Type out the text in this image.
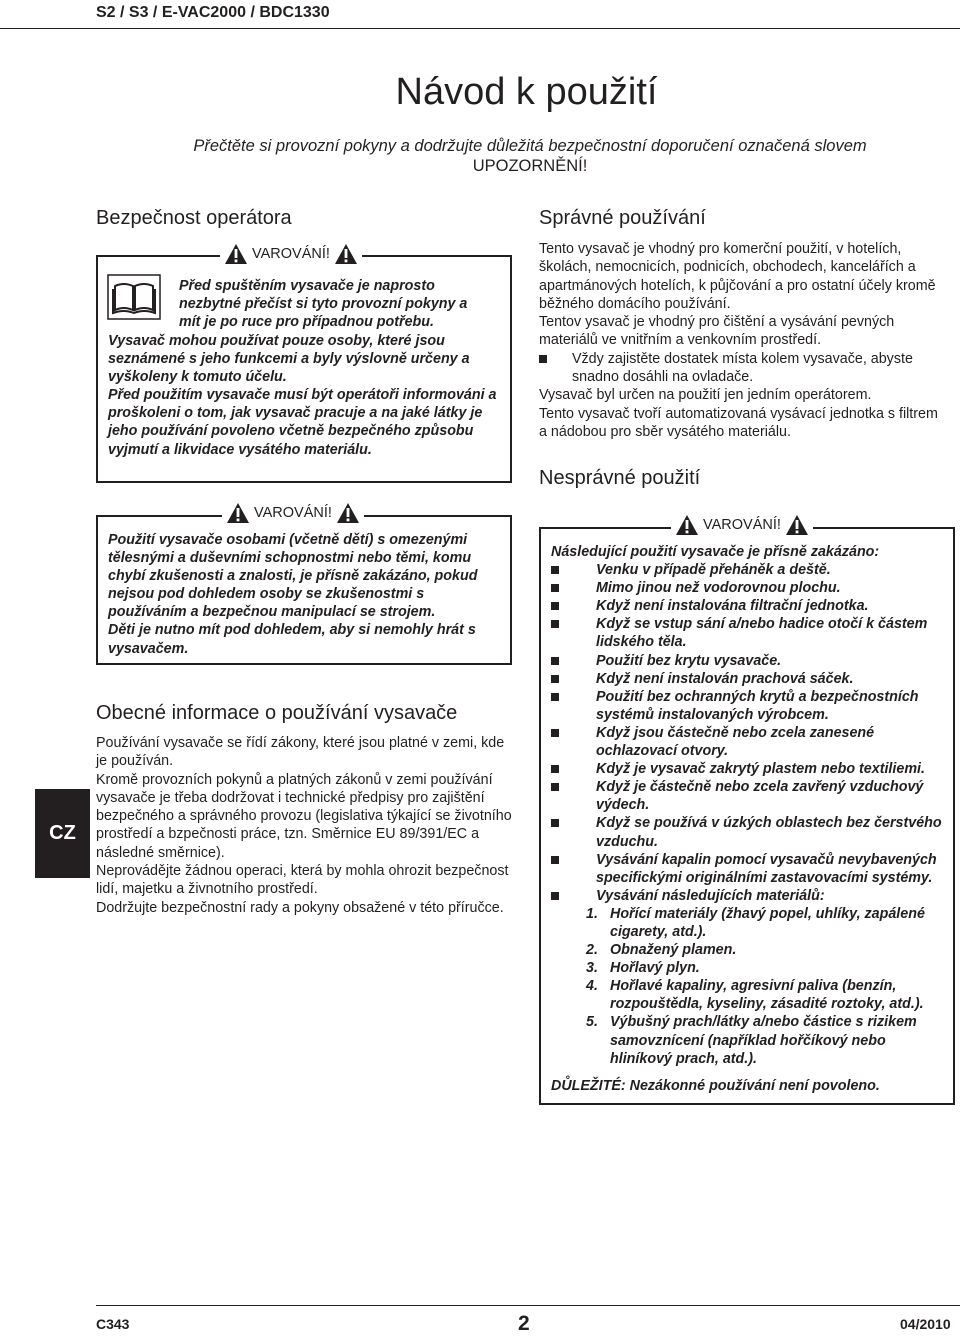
S2 / S3 / E-VAC2000 / BDC1330
Návod k použití
Přečtěte si provozní pokyny a dodržujte důležitá bezpečnostní doporučení označená slovem
UPOZORNĚNÍ!
Bezpečnost operátora
VAROVÁNÍ!
Před spuštěním vysavače je naprosto
nezbytné přečíst si tyto provozní pokyny a
mít je po ruce pro případnou potřebu.
Vysavač mohou používat pouze osoby, které jsou seznámené s jeho funkcemi a byly výslovně určeny a vyškoleny k tomuto účelu.
Před použitím vysavače musí být operátoři informováni a proškoleni o tom, jak vysavač pracuje a na jaké látky je jeho používání povoleno včetně bezpečného způsobu vyjmutí a likvidace vysátého materiálu.
VAROVÁNÍ!
Použití vysavače osobami (včetně dětí) s omezenými tělesnými a duševními schopnostmi nebo těmi, komu chybí zkušenosti a znalosti, je přísně zakázáno, pokud nejsou pod dohledem osoby se zkušenostmi s používáním a bezpečnou manipulací se strojem.
Děti je nutno mít pod dohledem, aby si nemohly hrát s vysavačem.
Obecné informace o používání vysavače
Používání vysavače se řídí zákony, které jsou platné v zemi, kde je používán.
Kromě provozních pokynů a platných zákonů v zemi používání vysavače je třeba dodržovat i technické předpisy pro zajištění bezpečného a správného provozu (legislativa týkající se životního prostředí a bzpečnosti práce, tzn. Směrnice EU 89/391/EC a následné směrnice).
Neprovádějte žádnou operaci, která by mohla ohrozit bezpečnost lidí, majetku a živnotního prostředí.
Dodržujte bezpečnostní rady a pokyny obsažené v této příručce.
CZ
Správné používání
Tento vysavač je vhodný pro komerční použití, v hotelích, školách, nemocnicích, podnicích, obchodech, kancelářích a apartmánových hotelích, k půjčování a pro ostatní účely kromě běžného domácího používání.
Tentov ysavač je vhodný pro čištění a vysávání pevných materiálů ve vnitřním a venkovním prostředí.
Vždy zajistěte dostatek místa kolem vysavače, abyste snadno dosáhli na ovladače.
Vysavač byl určen na použití jen jedním operátorem.
Tento vysavač tvoří automatizovaná vysávací jednotka s filtrem a nádobou pro sběr vysátého materiálu.
Nesprávné použití
VAROVÁNÍ!
Následující použití vysavače je přísně zakázáno:
Venku v případě přeháněk a deště.
Mimo jinou než vodorovnou plochu.
Když není instalována filtrační jednotka.
Když se vstup sání a/nebo hadice otočí k částem lidského těla.
Použití bez krytu vysavače.
Když není instalován prachová sáček.
Použití bez ochranných krytů a bezpečnostních systémů instalovaných výrobcem.
Když jsou částečně nebo zcela zanesené ochlazovací otvory.
Když je vysavač zakrytý plastem nebo textiliemi.
Když je částečně nebo zcela zavřený vzduchový výdech.
Když se používá v úzkých oblastech bez čerstvého vzduchu.
Vysávání kapalin pomocí vysavačů nevybavených specifickými originálními zastavovacími systémy.
Vysávání následujících materiálů:
1. Hořící materiály (žhavý popel, uhlíky, zapálené cigarety, atd.).
2. Obnažený plamen.
3. Hořlavý plyn.
4. Hořlavé kapaliny, agresivní paliva (benzín, rozpouštědla, kyseliny, zásadité roztoky, atd.).
5. Výbušný prach/látky a/nebo částice s rizikem samovznícení (například hořčíkový nebo hliníkový prach, atd.).
DŮLEŽITÉ: Nezákonné používání není povoleno.
C343	2	04/2010
